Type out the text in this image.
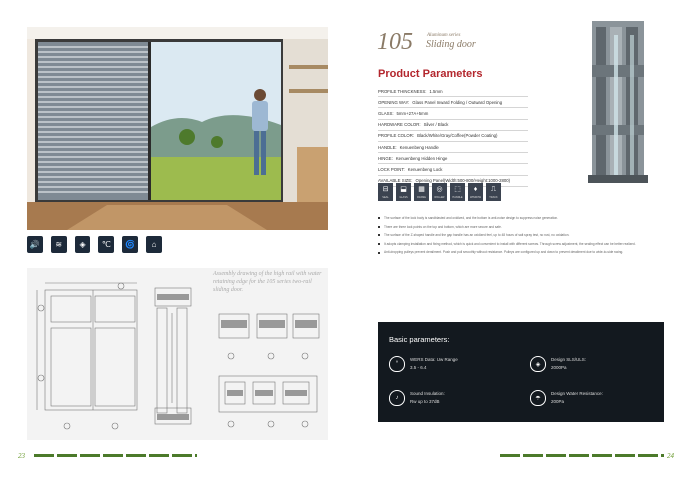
🔊	≋	◈	℃	🌀	⌂
Assembly drawing of the high rail with water retaining edge for the 105 series two-rail sliding door.
23
105	Aluminum series
Sliding door
Product Parameters
PROFILE THINCKNESS: 1.5mm
OPENING WAY: Glass Panel Inward Folding / Outward Opening
GLASS: 5mm+27A+5mm
HARDWARE COLOR: Silver / Black
PROFILE COLOR: Black/White/Gray/Coffee(Powder Coating)
HANDLE: Kenuenbeng Handle
HINGE: Kenuenbeng Hidden Hinge
LOCK POINT: Kenuenbeng Lock
AVAILABLE SIZE: Opening Panel(Width:500-800/Height:1000-2800)
⊟
SEAL
⬓
GLASS
▦
FRAME
◎
ROLLER
⬚
HANDLE
♦
WINDOW
⎍
TRACK
The surface of the lock body is sandblasted and oxidized, and the bottom is anti-noise design to suppress noise generation.
There are three lock points on the top and bottom, which are more secure and safe.
The surface of the Z-shaped handle and the gap handle has an oxidized feel, up to 48 hours of salt spray test, no rust, no oxidation.
It adopts clamping installation and fixing method, which is quick and convenient to install with different screws. Through screw adjustment, the sealing effect can be better realized.
Anti-dropping pulleys prevent derailment. Push and pull smoothly without resistance. Pulleys are configured up and down to prevent derailment due to wide-to-side swing.
Basic parameters:
°
WERS Data: Uw Range
3.5 - 6.4	◈
Design SLS/ULS:
2000Pa
♪
Sound Insulation:
Rw up to 37dB	☂
Design Water Resistance:
200Pa
24
